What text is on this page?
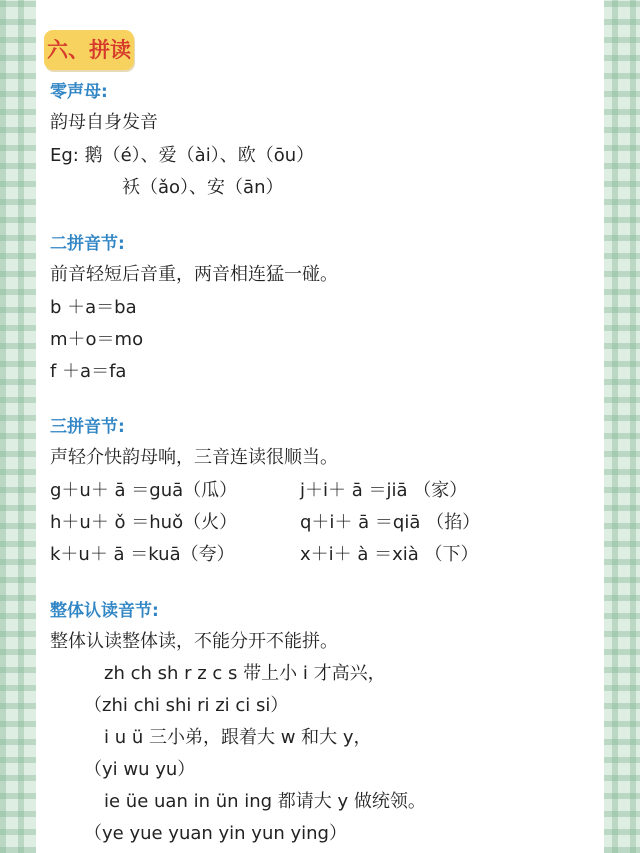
六、拼读
零声母:
韵母自身发音
Eg: 鹅（é）、爱（ài）、欧（ōu）
袄（ǎo）、安（ān）
二拼音节:
前音轻短后音重，两音相连猛一碰。
b ＋a＝ba
m＋o＝mo
f ＋a＝fa
三拼音节:
声轻介快韵母响，三音连读很顺当。
g＋u＋ ā ＝guā（瓜）	j＋i＋ ā ＝jiā （家）
h＋u＋ ǒ ＝huǒ（火）	q＋i＋ ā ＝qiā （掐）
k＋u＋ ā ＝kuā（夸）	x＋i＋ à ＝xià （下）
整体认读音节:
整体认读整体读，不能分开不能拼。
zh ch sh r z c s 带上小 i 才高兴，
（zhi chi shi ri zi ci si）
i u ü 三小弟，跟着大 w 和大 y，
（yi wu yu）
ie üe uan in ün ing 都请大 y 做统领。
（ye yue yuan yin yun ying）
